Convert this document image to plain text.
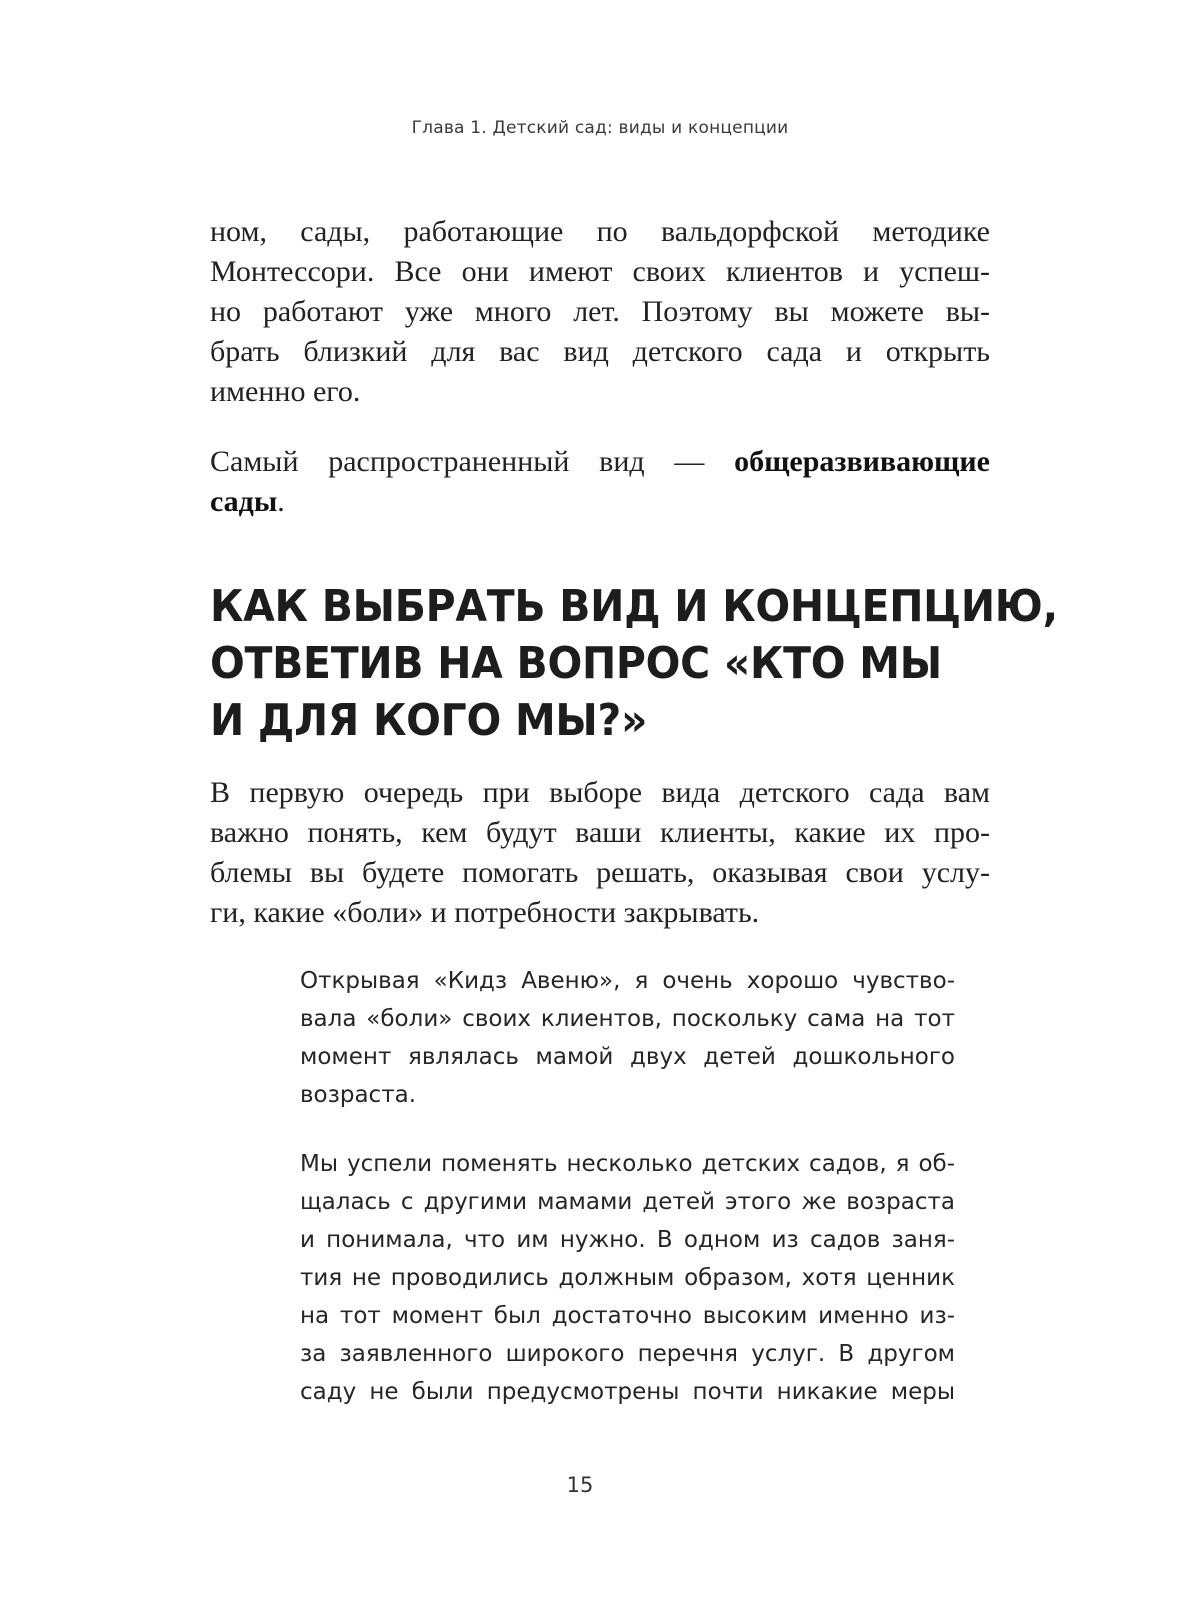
Глава 1. Детский сад: виды и концепции
ном, сады, работающие по вальдорфской методике
Монтессори. Все они имеют своих клиентов и успеш-
но работают уже много лет. Поэтому вы можете вы-
брать близкий для вас вид детского сада и открыть
именно его.
Самый распространенный вид — общеразвивающие
сады.
КАК ВЫБРАТЬ ВИД И КОНЦЕПЦИЮ,
ОТВЕТИВ НА ВОПРОС «КТО МЫ
И ДЛЯ КОГО МЫ?»
В первую очередь при выборе вида детского сада вам
важно понять, кем будут ваши клиенты, какие их про-
блемы вы будете помогать решать, оказывая свои услу-
ги, какие «боли» и потребности закрывать.
Открывая «Кидз Авеню», я очень хорошо чувство-
вала «боли» своих клиентов, поскольку сама на тот
момент являлась мамой двух детей дошкольного
возраста.
Мы успели поменять несколько детских садов, я об-
щалась с другими мамами детей этого же возраста
и понимала, что им нужно. В одном из садов заня-
тия не проводились должным образом, хотя ценник
на тот момент был достаточно высоким именно из-
за заявленного широкого перечня услуг. В другом
саду не были предусмотрены почти никакие меры
15
